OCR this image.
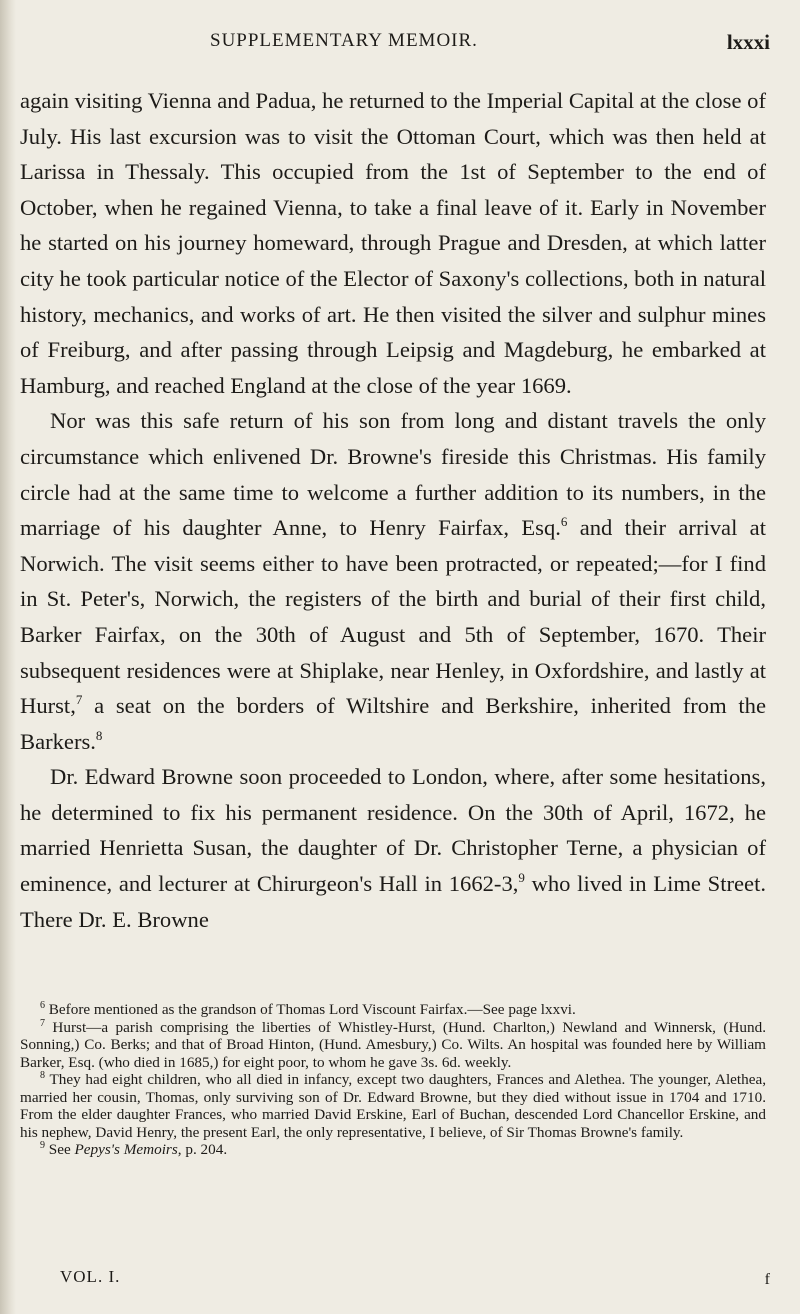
SUPPLEMENTARY MEMOIR.	lxxxi

again visiting Vienna and Padua, he returned to the Imperial Capital at the close of July. His last excursion was to visit the Ottoman Court, which was then held at Larissa in Thessaly. This occupied from the 1st of September to the end of October, when he regained Vienna, to take a final leave of it. Early in November he started on his journey homeward, through Prague and Dresden, at which latter city he took particular notice of the Elector of Saxony's collections, both in natural history, mechanics, and works of art. He then visited the silver and sulphur mines of Freiburg, and after passing through Leipsig and Magdeburg, he embarked at Hamburg, and reached England at the close of the year 1669.

Nor was this safe return of his son from long and distant travels the only circumstance which enlivened Dr. Browne's fireside this Christmas. His family circle had at the same time to welcome a further addition to its numbers, in the marriage of his daughter Anne, to Henry Fairfax, Esq.$^6$ and their arrival at Norwich. The visit seems either to have been protracted, or repeated;—for I find in St. Peter's, Norwich, the registers of the birth and burial of their first child, Barker Fairfax, on the 30th of August and 5th of September, 1670. Their subsequent residences were at Shiplake, near Henley, in Oxfordshire, and lastly at Hurst,$^7$ a seat on the borders of Wiltshire and Berkshire, inherited from the Barkers.$^8$

Dr. Edward Browne soon proceeded to London, where, after some hesitations, he determined to fix his permanent residence. On the 30th of April, 1672, he married Henrietta Susan, the daughter of Dr. Christopher Terne, a physician of eminence, and lecturer at Chirurgeon's Hall in 1662-3,$^9$ who lived in Lime Street. There Dr. E. Browne

$^6$ Before mentioned as the grandson of Thomas Lord Viscount Fairfax.—See page lxxvi.

$^7$ Hurst—a parish comprising the liberties of Whistley-Hurst, (Hund. Charlton,) Newland and Winnersk, (Hund. Sonning,) Co. Berks; and that of Broad Hinton, (Hund. Amesbury,) Co. Wilts. An hospital was founded here by William Barker, Esq. (who died in 1685,) for eight poor, to whom he gave 3s. 6d. weekly.

$^8$ They had eight children, who all died in infancy, except two daughters, Frances and Alethea. The younger, Alethea, married her cousin, Thomas, only surviving son of Dr. Edward Browne, but they died without issue in 1704 and 1710. From the elder daughter Frances, who married David Erskine, Earl of Buchan, descended Lord Chancellor Erskine, and his nephew, David Henry, the present Earl, the only representative, I believe, of Sir Thomas Browne's family.

$^9$ See Pepys's Memoirs, p. 204.

VOL. I.	f
